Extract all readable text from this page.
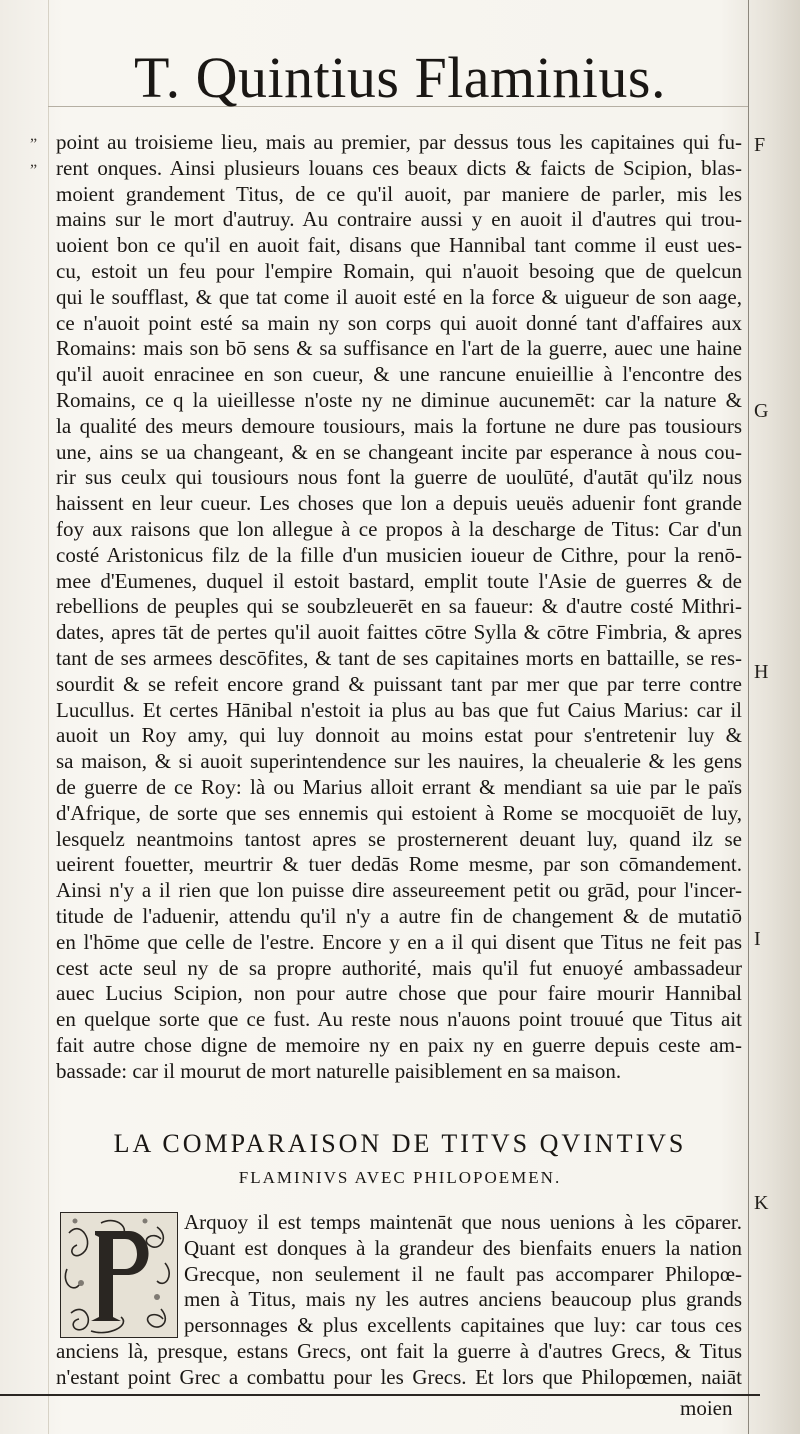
T. Quintius Flaminius.
”
”
F
G
H
I
K
point au troisieme lieu, mais au premier, par dessus tous les capitaines qui fu-
rent onques. Ainsi plusieurs louans ces beaux dicts & faicts de Scipion, blas-
moient grandement Titus, de ce qu'il auoit, par maniere de parler, mis les
mains sur le mort d'autruy. Au contraire aussi y en auoit il d'autres qui trou-
uoient bon ce qu'il en auoit fait, disans que Hannibal tant comme il eust ues-
cu, estoit un feu pour l'empire Romain, qui n'auoit besoing que de quelcun
qui le soufflast, & que tat come il auoit esté en la force & uigueur de son aage,
ce n'auoit point esté sa main ny son corps qui auoit donné tant d'affaires aux
Romains: mais son bō sens & sa suffisance en l'art de la guerre, auec une haine
qu'il auoit enracinee en son cueur, & une rancune enuieillie à l'encontre des
Romains, ce q la uieillesse n'oste ny ne diminue aucunemēt: car la nature &
la qualité des meurs demoure tousiours, mais la fortune ne dure pas tousiours
une, ains se ua changeant, & en se changeant incite par esperance à nous cou-
rir sus ceulx qui tousiours nous font la guerre de uoulūté, d'autāt qu'ilz nous
haissent en leur cueur. Les choses que lon a depuis ueuës aduenir font grande
foy aux raisons que lon allegue à ce propos à la descharge de Titus: Car d'un
costé Aristonicus filz de la fille d'un musicien ioueur de Cithre, pour la renō-
mee d'Eumenes, duquel il estoit bastard, emplit toute l'Asie de guerres & de
rebellions de peuples qui se soubzleuerēt en sa faueur: & d'autre costé Mithri-
dates, apres tāt de pertes qu'il auoit faittes cōtre Sylla & cōtre Fimbria, & apres
tant de ses armees descōfites, & tant de ses capitaines morts en battaille, se res-
sourdit & se refeit encore grand & puissant tant par mer que par terre contre
Lucullus. Et certes Hānibal n'estoit ia plus au bas que fut Caius Marius: car il
auoit un Roy amy, qui luy donnoit au moins estat pour s'entretenir luy &
sa maison, & si auoit superintendence sur les nauires, la cheualerie & les gens
de guerre de ce Roy: là ou Marius alloit errant & mendiant sa uie par le païs
d'Afrique, de sorte que ses ennemis qui estoient à Rome se mocquoiēt de luy,
lesquelz neantmoins tantost apres se prosternerent deuant luy, quand ilz se
ueirent fouetter, meurtrir & tuer dedās Rome mesme, par son cōmandement.
Ainsi n'y a il rien que lon puisse dire asseureement petit ou grād, pour l'incer-
titude de l'aduenir, attendu qu'il n'y a autre fin de changement & de mutatiō
en l'hōme que celle de l'estre. Encore y en a il qui disent que Titus ne feit pas
cest acte seul ny de sa propre authorité, mais qu'il fut enuoyé ambassadeur
auec Lucius Scipion, non pour autre chose que pour faire mourir Hannibal
en quelque sorte que ce fust. Au reste nous n'auons point trouué que Titus ait
fait autre chose digne de memoire ny en paix ny en guerre depuis ceste am-
bassade: car il mourut de mort naturelle paisiblement en sa maison.
LA COMPARAISON DE TITVS QVINTIVS
FLAMINIVS AVEC PHILOPOEMEN.
Arquoy il est temps maintenāt que nous uenions à les cōparer.
Quant est donques à la grandeur des bienfaits enuers la nation
Grecque, non seulement il ne fault pas accomparer Philopœ-
men à Titus, mais ny les autres anciens beaucoup plus grands
personnages & plus excellents capitaines que luy: car tous ces
anciens là, presque, estans Grecs, ont fait la guerre à d'autres Grecs, & Titus
n'estant point Grec a combattu pour les Grecs. Et lors que Philopœmen, naiāt
moien
